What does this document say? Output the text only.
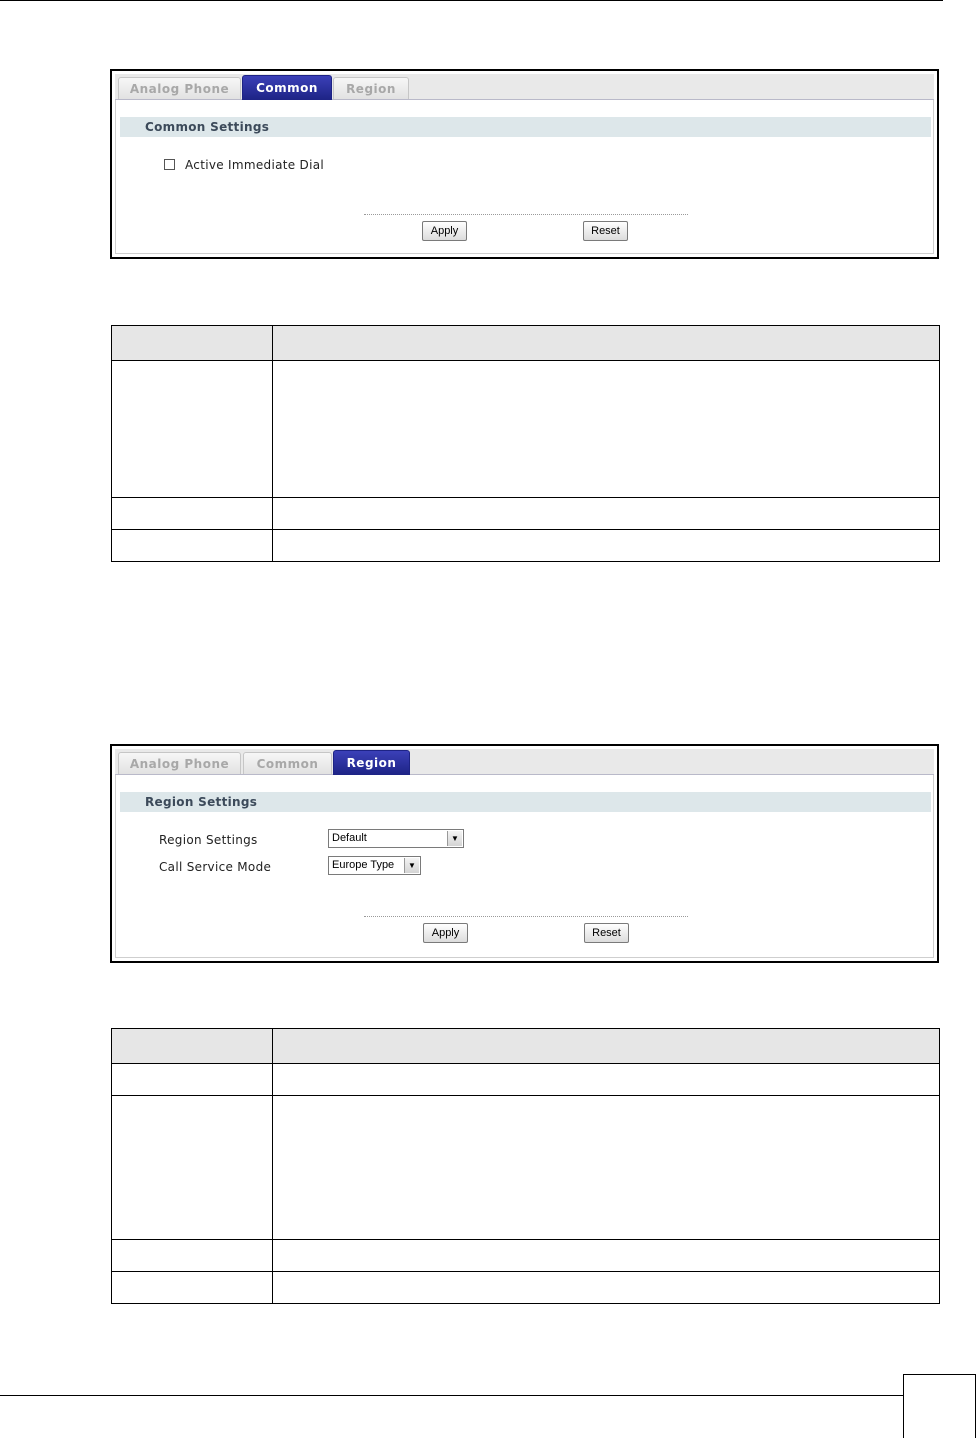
Analog Phone	Common	Region
Common Settings
Active Immediate Dial
Apply	Reset

Analog Phone	Common	Region
Region Settings
Region Settings	Default	▼
Call Service Mode	Europe Type	▼
Apply	Reset
